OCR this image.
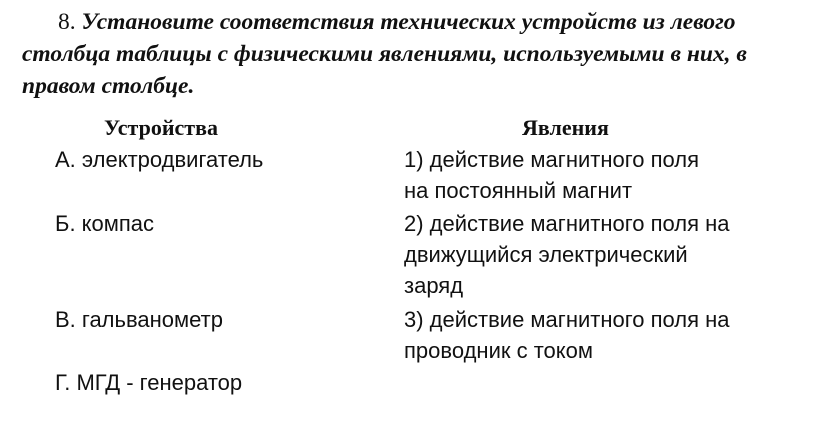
8. Установите соответствия технических устройств из левого столбца таблицы с физическими явлениями, используемыми в них, в правом столбце.
Устройства	Явления
А. электродвигатель
Б. компас
В. гальванометр
Г. МГД - генератор
1) действие магнитного поля
на постоянный магнит
2) действие магнитного поля на
движущийся электрический
заряд
3) действие магнитного поля на
проводник с током
